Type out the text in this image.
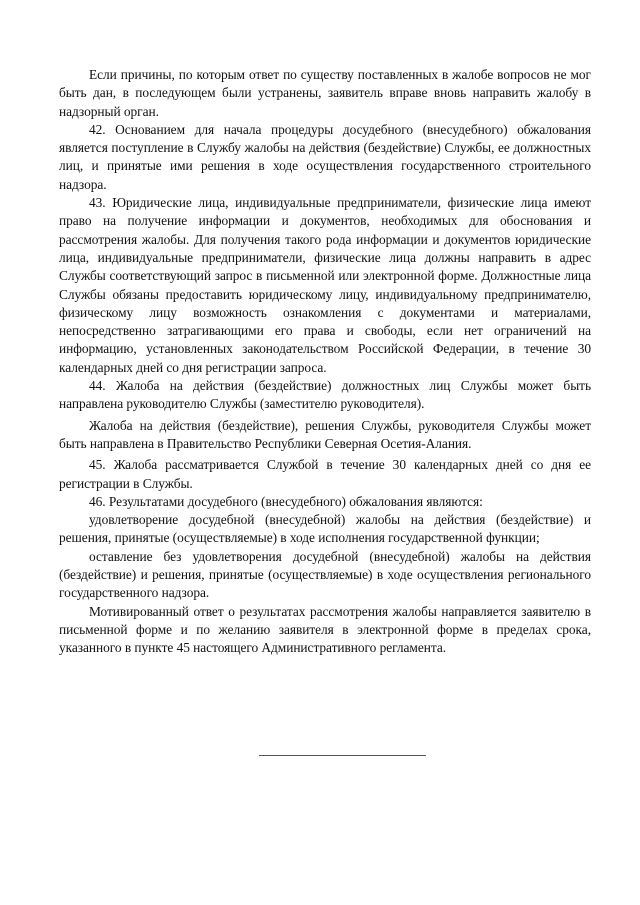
Если причины, по которым ответ по существу поставленных в жалобе вопросов не мог быть дан, в последующем были устранены, заявитель вправе вновь направить жалобу в надзорный орган.

42. Основанием для начала процедуры досудебного (внесудебного) обжалования является поступление в Службу жалобы на действия (бездействие) Службы, ее должностных лиц, и принятые ими решения в ходе осуществления государственного строительного надзора.

43. Юридические лица, индивидуальные предприниматели, физические лица имеют право на получение информации и документов, необходимых для обоснования и рассмотрения жалобы. Для получения такого рода информации и документов юридические лица, индивидуальные предприниматели, физические лица должны направить в адрес Службы соответствующий запрос в письменной или электронной форме. Должностные лица Службы обязаны предоставить юридическому лицу, индивидуальному предпринимателю, физическому лицу возможность ознакомления с документами и материалами, непосредственно затрагивающими его права и свободы, если нет ограничений на информацию, установленных законодательством Российской Федерации, в течение 30 календарных дней со дня регистрации запроса.

44. Жалоба на действия (бездействие) должностных лиц Службы может быть направлена руководителю Службы (заместителю руководителя).

Жалоба на действия (бездействие), решения Службы, руководителя Службы может быть направлена в Правительство Республики Северная Осетия-Алания.

45. Жалоба рассматривается Службой в течение 30 календарных дней со дня ее регистрации в Службы.

46. Результатами досудебного (внесудебного) обжалования являются:

удовлетворение досудебной (внесудебной) жалобы на действия (бездействие) и решения, принятые (осуществляемые) в ходе исполнения государственной функции;

оставление без удовлетворения досудебной (внесудебной) жалобы на действия (бездействие) и решения, принятые (осуществляемые) в ходе осуществления регионального государственного надзора.

Мотивированный ответ о результатах рассмотрения жалобы направляется заявителю в письменной форме и по желанию заявителя в электронной форме в пределах срока, указанного в пункте 45 настоящего Административного регламента.
